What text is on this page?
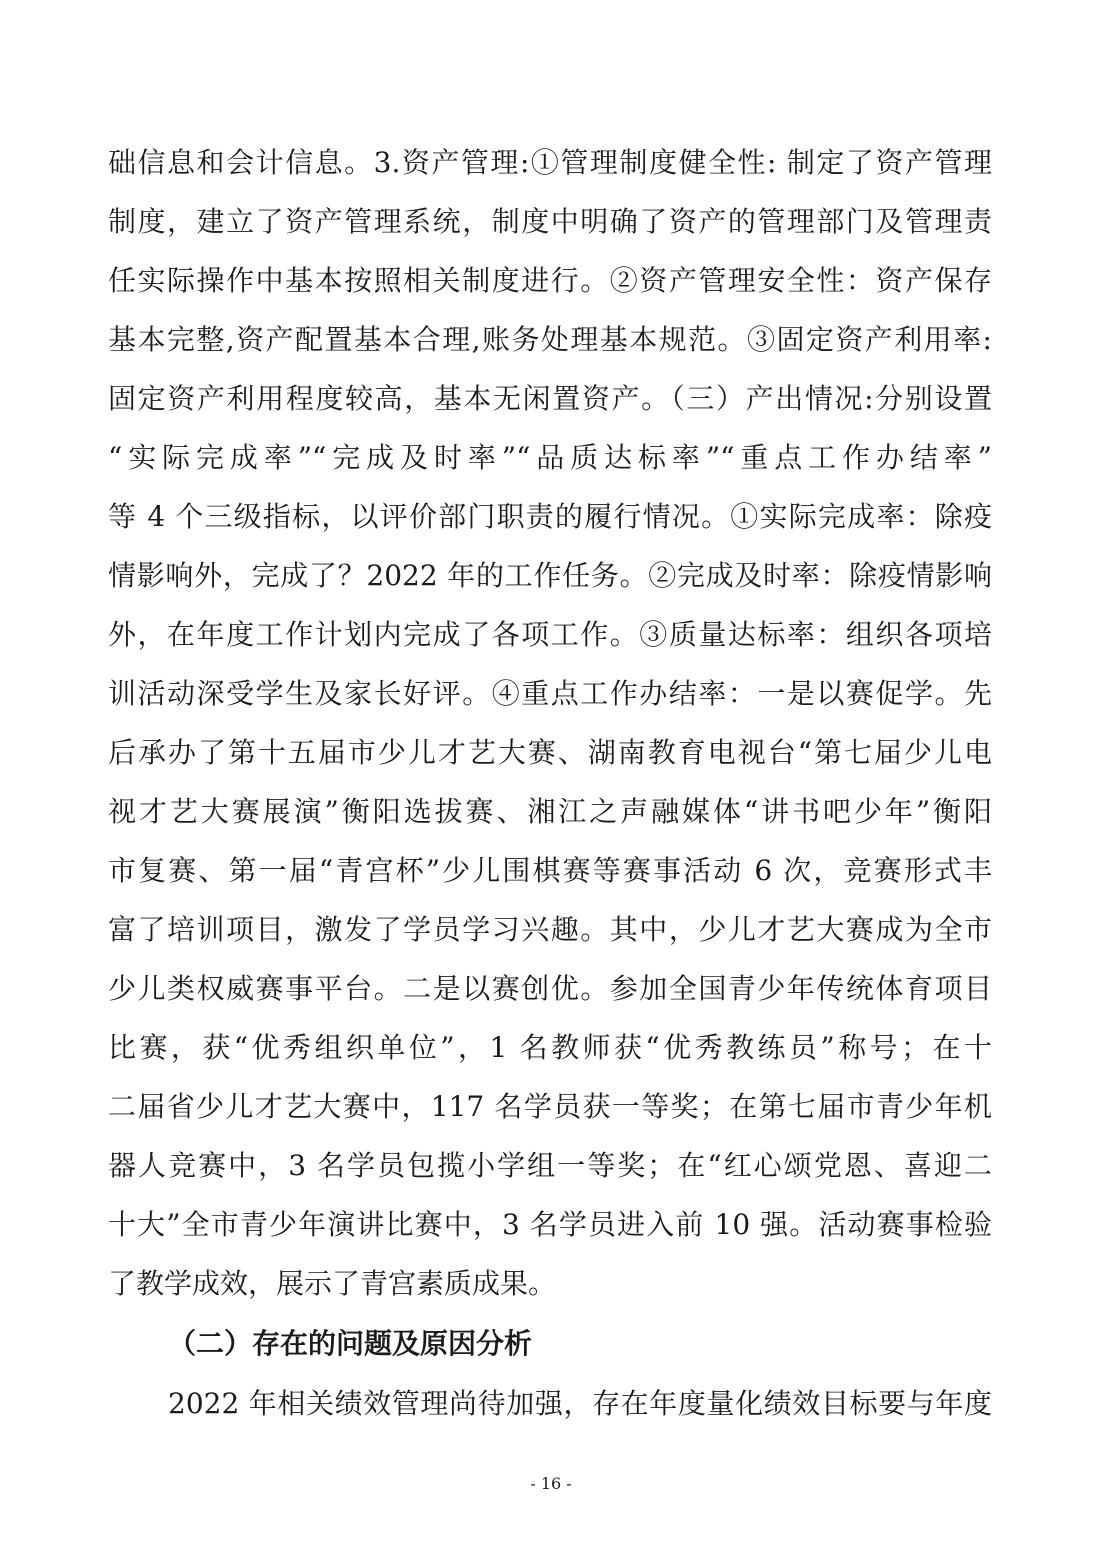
础信息和会计信息。3.资产管理:①管理制度健全性: 制定了资产管理
制度，建立了资产管理系统，制度中明确了资产的管理部门及管理责
任实际操作中基本按照相关制度进行。②资产管理安全性：资产保存
基本完整,资产配置基本合理,账务处理基本规范。③固定资产利用率:
固定资产利用程度较高，基本无闲置资产。（三）产出情况:分别设置
“实际完成率”“完成及时率”“品质达标率”“重点工作办结率”
等 4 个三级指标，以评价部门职责的履行情况。①实际完成率：除疫
情影响外，完成了？2022 年的工作任务。②完成及时率：除疫情影响
外，在年度工作计划内完成了各项工作。③质量达标率：组织各项培
训活动深受学生及家长好评。④重点工作办结率：一是以赛促学。先
后承办了第十五届市少儿才艺大赛、湖南教育电视台“第七届少儿电
视才艺大赛展演”衡阳选拔赛、湘江之声融媒体“讲书吧少年”衡阳
市复赛、第一届“青宫杯”少儿围棋赛等赛事活动 6 次，竞赛形式丰
富了培训项目，激发了学员学习兴趣。其中，少儿才艺大赛成为全市
少儿类权威赛事平台。二是以赛创优。参加全国青少年传统体育项目
比赛，获“优秀组织单位”，1 名教师获“优秀教练员”称号；在十
二届省少儿才艺大赛中，117 名学员获一等奖；在第七届市青少年机
器人竞赛中，3 名学员包揽小学组一等奖；在“红心颂党恩、喜迎二
十大”全市青少年演讲比赛中，3 名学员进入前 10 强。活动赛事检验
了教学成效，展示了青宫素质成果。
（二）存在的问题及原因分析
2022 年相关绩效管理尚待加强，存在年度量化绩效目标要与年度
- 16 -
